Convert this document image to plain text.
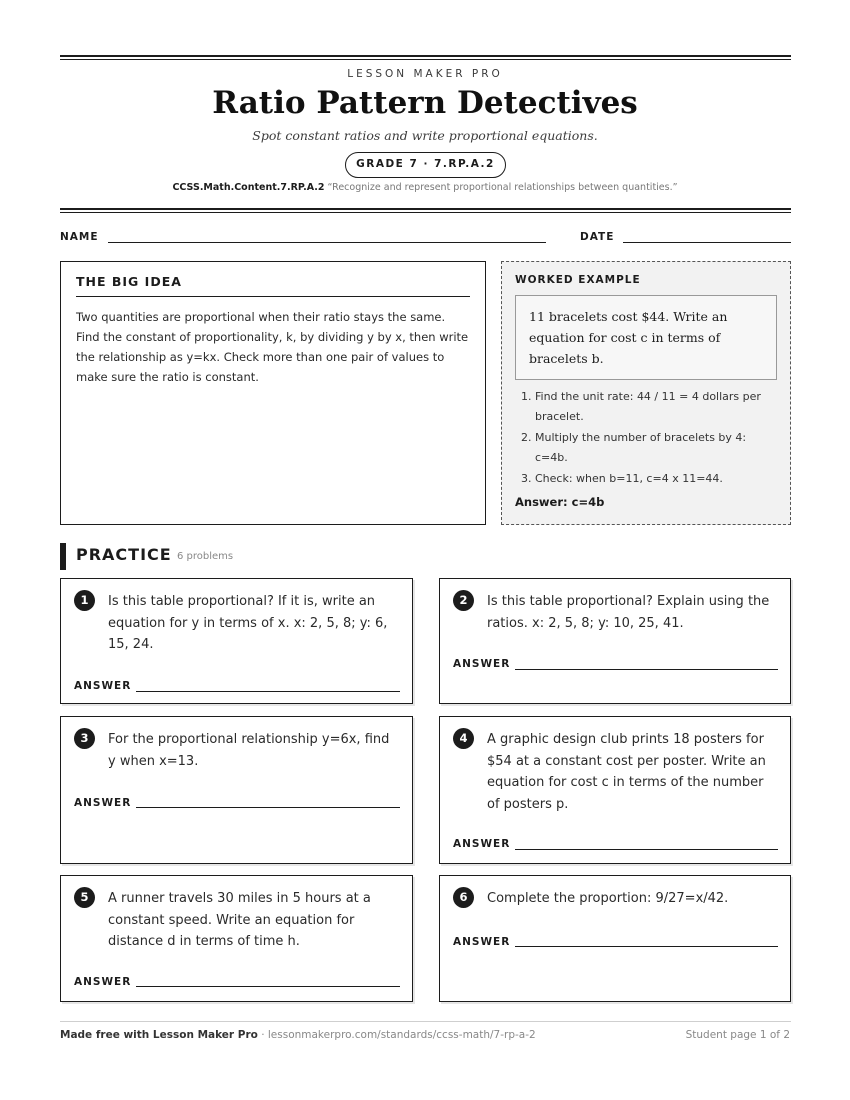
LESSON MAKER PRO
Ratio Pattern Detectives
Spot constant ratios and write proportional equations.
GRADE 7 · 7.RP.A.2
CCSS.Math.Content.7.RP.A.2 “Recognize and represent proportional relationships between quantities.”
NAME	DATE
THE BIG IDEA

Two quantities are proportional when their ratio stays the same. Find the constant of proportionality, k, by dividing y by x, then write the relationship as y=kx. Check more than one pair of values to make sure the ratio is constant.

WORKED EXAMPLE
11 bracelets cost $44. Write an equation for cost c in terms of bracelets b.
1. Find the unit rate: 44 / 11 = 4 dollars per bracelet.
2. Multiply the number of bracelets by 4: c=4b.
3. Check: when b=11, c=4 x 11=44.
Answer: c=4b
PRACTICE 6 problems
1	Is this table proportional? If it is, write an equation for y in terms of x. x: 2, 5, 8; y: 6, 15, 24.
ANSWER
2	Is this table proportional? Explain using the ratios. x: 2, 5, 8; y: 10, 25, 41.
ANSWER
3	For the proportional relationship y=6x, find y when x=13.
ANSWER
4	A graphic design club prints 18 posters for $54 at a constant cost per poster. Write an equation for cost c in terms of the number of posters p.
ANSWER
5	A runner travels 30 miles in 5 hours at a constant speed. Write an equation for distance d in terms of time h.
ANSWER
6	Complete the proportion: 9/27=x/42.
ANSWER
Made free with Lesson Maker Pro · lessonmakerpro.com/standards/ccss-math/7-rp-a-2	Student page 1 of 2
